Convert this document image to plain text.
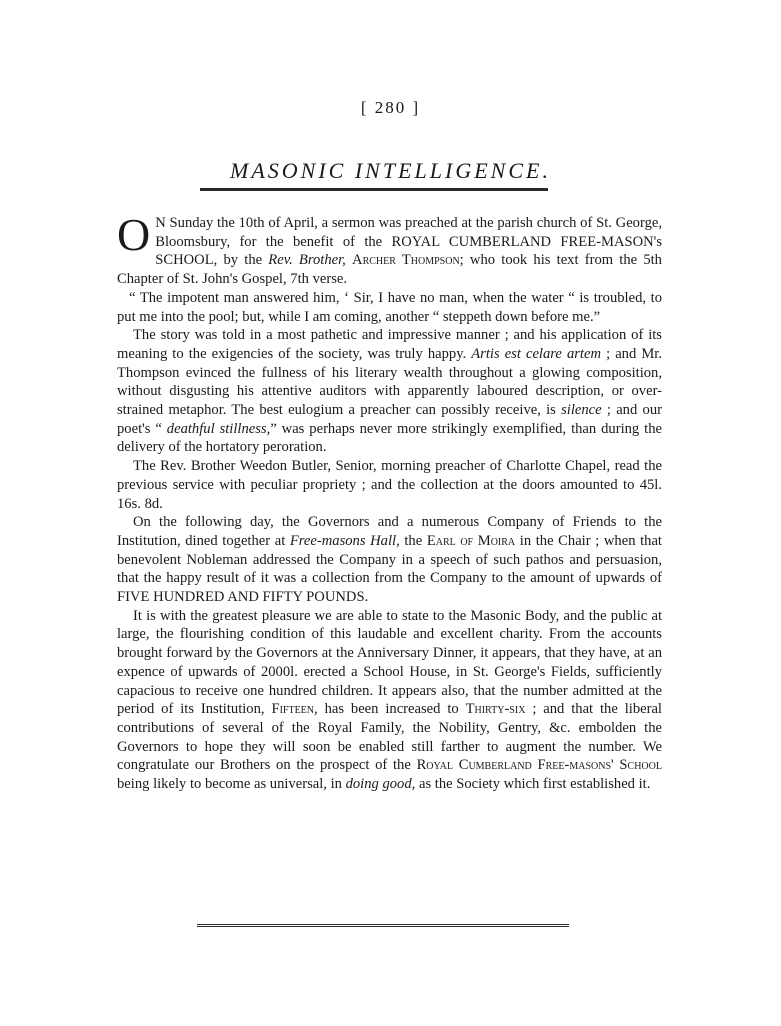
[ 280 ]
MASONIC INTELLIGENCE.

O N Sunday the 10th of April, a sermon was preached at the parish church of St. George, Bloomsbury, for the benefit of the ROYAL CUMBERLAND FREE-MASON's SCHOOL, by the Rev. Brother, Archer Thompson; who took his text from the 5th Chapter of St. John's Gospel, 7th verse.

“ The impotent man answered him, ‘ Sir, I have no man, when the water “ is troubled, to put me into the pool; but, while I am coming, another “ steppeth down before me.”

The story was told in a most pathetic and impressive manner ; and his application of its meaning to the exigencies of the society, was truly happy. Artis est celare artem ; and Mr. Thompson evinced the fullness of his literary wealth throughout a glowing composition, without disgusting his attentive auditors with apparently laboured description, or over-strained metaphor. The best eulogium a preacher can possibly receive, is silence ; and our poet's “ deathful stillness,” was perhaps never more strikingly exemplified, than during the delivery of the hortatory peroration.

The Rev. Brother Weedon Butler, Senior, morning preacher of Charlotte Chapel, read the previous service with peculiar propriety ; and the collection at the doors amounted to 45l. 16s. 8d.

On the following day, the Governors and a numerous Company of Friends to the Institution, dined together at Free-masons Hall, the Earl of Moira in the Chair ; when that benevolent Nobleman addressed the Company in a speech of such pathos and persuasion, that the happy result of it was a collection from the Company to the amount of upwards of FIVE HUNDRED AND FIFTY POUNDS.

It is with the greatest pleasure we are able to state to the Masonic Body, and the public at large, the flourishing condition of this laudable and excellent charity. From the accounts brought forward by the Governors at the Anniversary Dinner, it appears, that they have, at an expence of upwards of 2000l. erected a School House, in St. George's Fields, sufficiently capacious to receive one hundred children. It appears also, that the number admitted at the period of its Institution, Fifteen, has been increased to Thirty-six ; and that the liberal contributions of several of the Royal Family, the Nobility, Gentry, &c. embolden the Governors to hope they will soon be enabled still farther to augment the number. We congratulate our Brothers on the prospect of the Royal Cumberland Free-masons' School being likely to become as universal, in doing good, as the Society which first established it.
